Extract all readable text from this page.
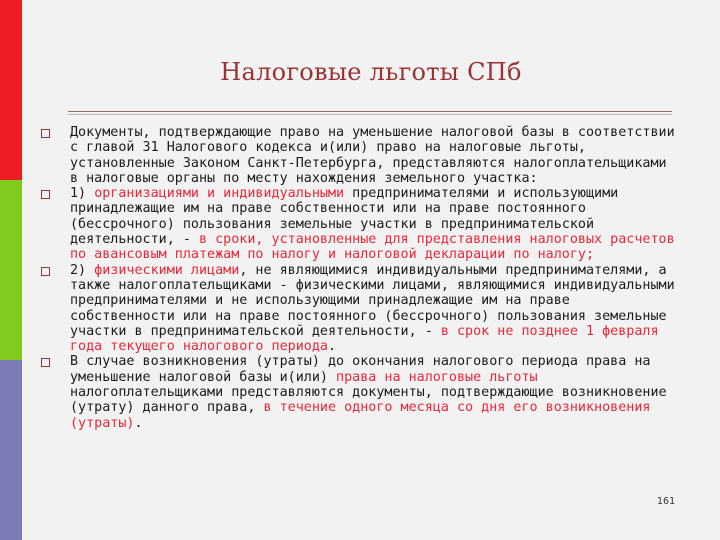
Налоговые льготы СПб
Документы, подтверждающие право на уменьшение налоговой базы в соответствии с главой 31 Налогового кодекса и(или) право на налоговые льготы, установленные Законом Санкт-Петербурга, представляются налогоплательщиками в налоговые органы по месту нахождения земельного участка:
1) организациями и индивидуальными предпринимателями и использующими принадлежащие им на праве собственности или на праве постоянного (бессрочного) пользования земельные участки в предпринимательской деятельности, - в сроки, установленные для представления налоговых расчетов по авансовым платежам по налогу и налоговой декларации по налогу;
2) физическими лицами, не являющимися индивидуальными предпринимателями, а также налогоплательщиками - физическими лицами, являющимися индивидуальными предпринимателями и не использующими принадлежащие им на праве собственности или на праве постоянного (бессрочного) пользования земельные участки в предпринимательской деятельности, - в срок не позднее 1 февраля года текущего налогового периода.
В случае возникновения (утраты) до окончания налогового периода права на уменьшение налоговой базы и(или) права на налоговые льготы налогоплательщиками представляются документы, подтверждающие возникновение (утрату) данного права, в течение одного месяца со дня его возникновения (утраты).
161
